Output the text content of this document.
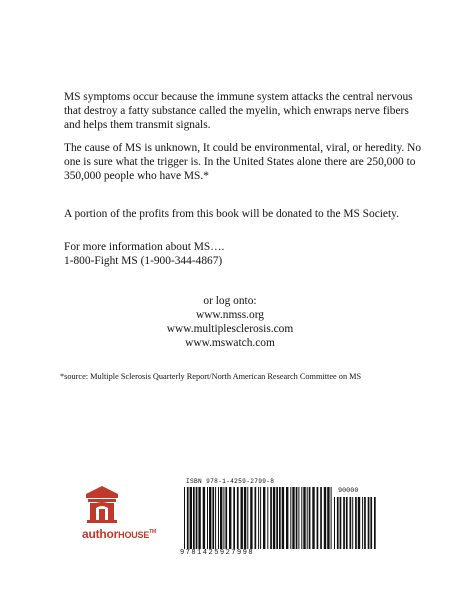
MS symptoms occur because the immune system attacks the central nervous that destroy a fatty substance called the myelin, which enwraps nerve fibers and helps them transmit signals.

The cause of MS is unknown, It could be environmental, viral, or heredity. No one is sure what the trigger is. In the United States alone there are 250,000 to 350,000 people who have MS.*

A portion of the profits from this book will be donated to the MS Society.

For more information about MS….
1-800-Fight MS (1-900-344-4867)
or log onto:
www.nmss.org
www.multiplesclerosis.com
www.mswatch.com
*source: Multiple Sclerosis Quarterly Report/North American Research Committee on MS
authorHOUSE™
ISBN 978-1-4259-2799-8
90000
9781425927998
